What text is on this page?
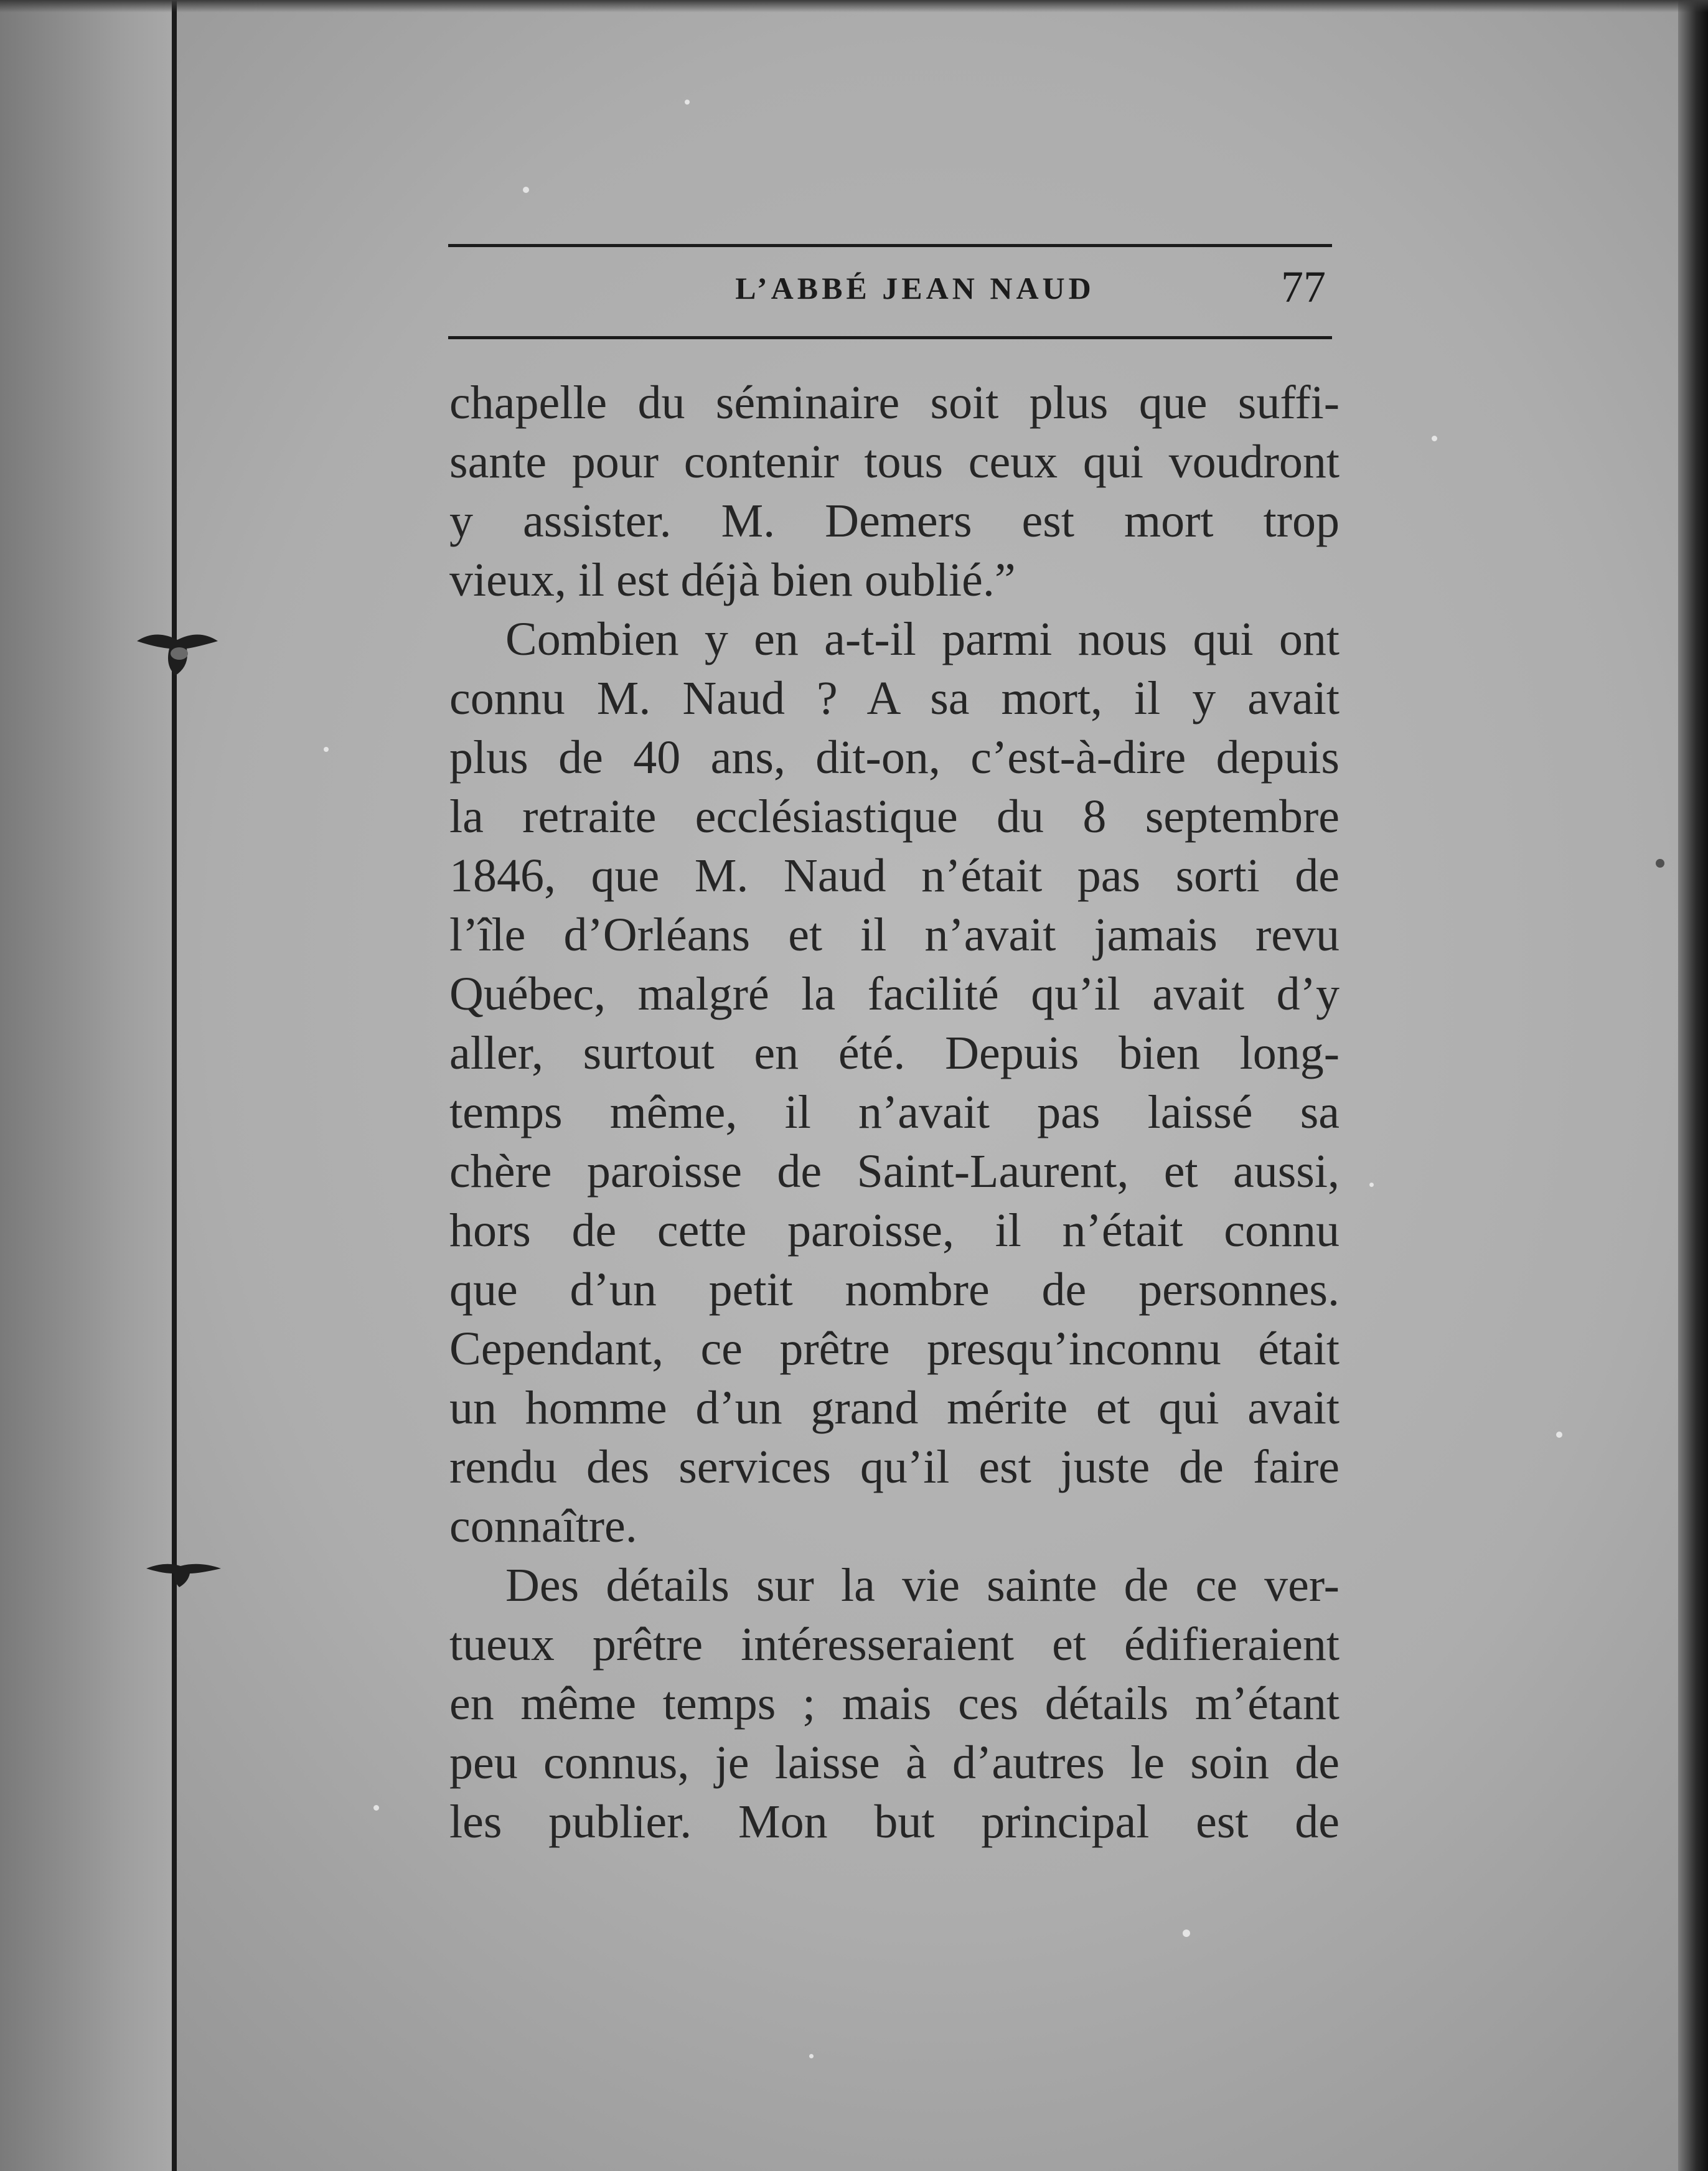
L’ABBÉ JEAN NAUD	77
chapelle du séminaire soit plus que suffi-
sante pour contenir tous ceux qui voudront
y assister. M. Demers est mort trop
vieux, il est déjà bien oublié.”
Combien y en a-t-il parmi nous qui ont
connu M. Naud ? A sa mort, il y avait
plus de 40 ans, dit-on, c’est-à-dire depuis
la retraite ecclésiastique du 8 septembre
1846, que M. Naud n’était pas sorti de
l’île d’Orléans et il n’avait jamais revu
Québec, malgré la facilité qu’il avait d’y
aller, surtout en été. Depuis bien long-
temps même, il n’avait pas laissé sa
chère paroisse de Saint-Laurent, et aussi,
hors de cette paroisse, il n’était connu
que d’un petit nombre de personnes.
Cependant, ce prêtre presqu’inconnu était
un homme d’un grand mérite et qui avait
rendu des services qu’il est juste de faire
connaître.
Des détails sur la vie sainte de ce ver-
tueux prêtre intéresseraient et édifieraient
en même temps ; mais ces détails m’étant
peu connus, je laisse à d’autres le soin de
les publier. Mon but principal est de
